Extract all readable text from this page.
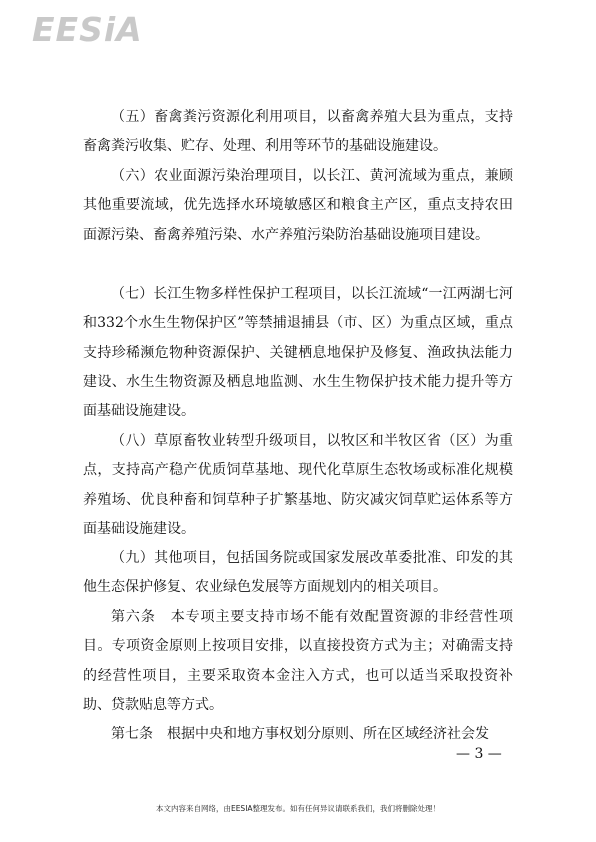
EESiA

（五）畜禽粪污资源化利用项目，以畜禽养殖大县为重点，支持畜禽粪污收集、贮存、处理、利用等环节的基础设施建设。

（六）农业面源污染治理项目，以长江、黄河流域为重点，兼顾其他重要流域，优先选择水环境敏感区和粮食主产区，重点支持农田面源污染、畜禽养殖污染、水产养殖污染防治基础设施项目建设。

（七）长江生物多样性保护工程项目，以长江流域“一江两湖七河和332个水生生物保护区”等禁捕退捕县（市、区）为重点区域，重点支持珍稀濒危物种资源保护、关键栖息地保护及修复、渔政执法能力建设、水生生物资源及栖息地监测、水生生物保护技术能力提升等方面基础设施建设。

（八）草原畜牧业转型升级项目，以牧区和半牧区省（区）为重点，支持高产稳产优质饲草基地、现代化草原生态牧场或标准化规模养殖场、优良种畜和饲草种子扩繁基地、防灾减灾饲草贮运体系等方面基础设施建设。

（九）其他项目，包括国务院或国家发展改革委批准、印发的其他生态保护修复、农业绿色发展等方面规划内的相关项目。

第六条　本专项主要支持市场不能有效配置资源的非经营性项目。专项资金原则上按项目安排，以直接投资方式为主；对确需支持的经营性项目，主要采取资本金注入方式，也可以适当采取投资补助、贷款贴息等方式。

第七条　根据中央和地方事权划分原则、所在区域经济社会发

— 3 —
本文内容来自网络，由EESIA整理发布。如有任何异议请联系我们，我们将删除处理！
